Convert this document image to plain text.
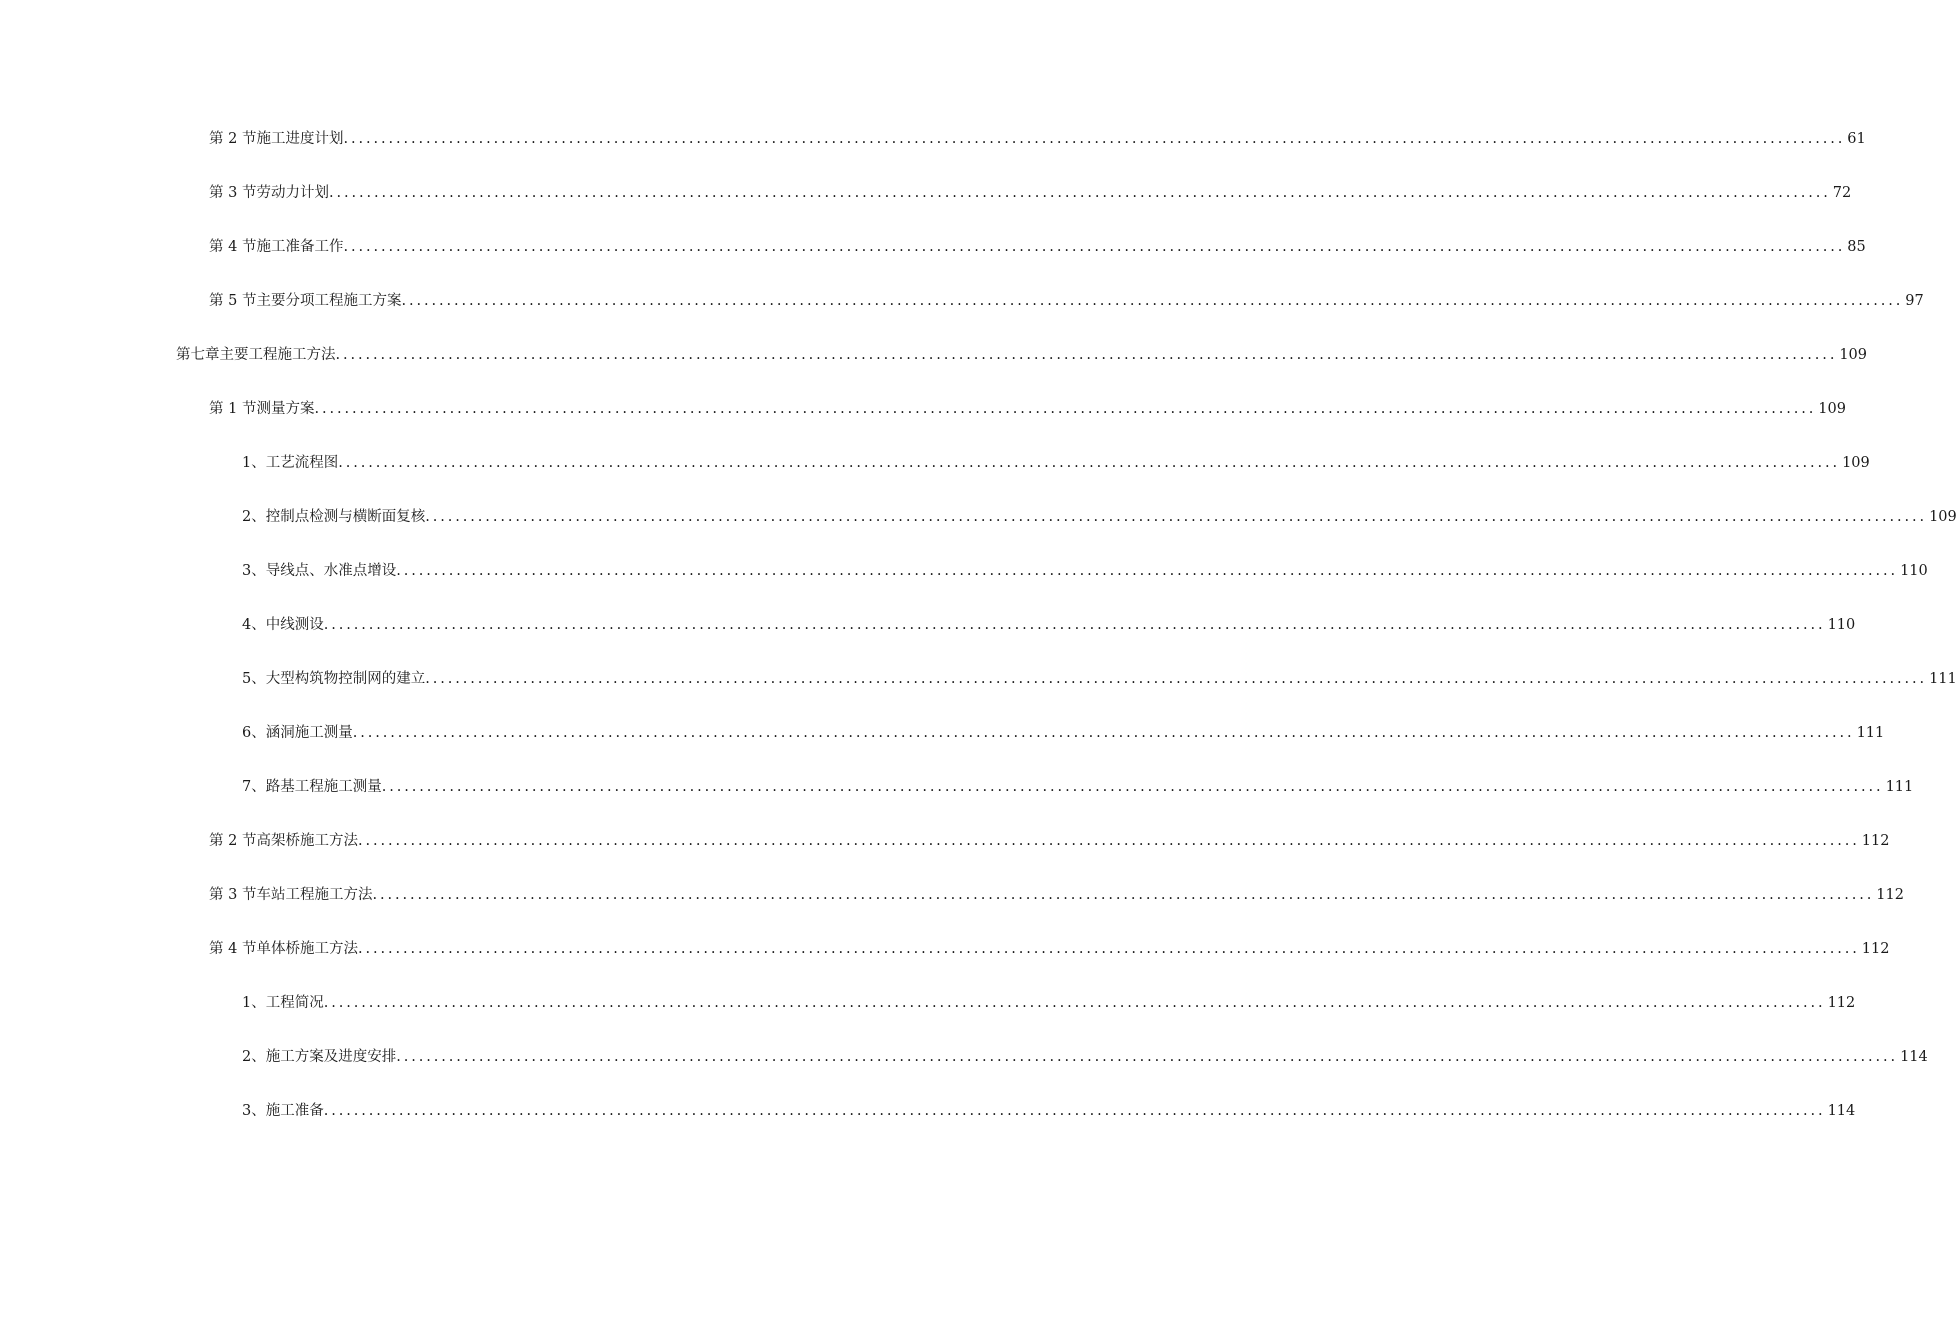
第 2 节 施工进度计划 ........................................................................................................................................................................................................ 61
第 3 节 劳动力计划 ........................................................................................................................................................................................................ 72
第 4 节 施工准备工作 ........................................................................................................................................................................................................ 85
第 5 节 主要分项工程施工方案 ........................................................................................................................................................................................................ 97
第七章 主要工程施工方法 ........................................................................................................................................................................................................ 109
第 1 节 测量方案 ........................................................................................................................................................................................................ 109
1、 工艺流程图 ........................................................................................................................................................................................................ 109
2、 控制点检测与横断面复核 ........................................................................................................................................................................................................ 109
3、 导线点、水准点增设 ........................................................................................................................................................................................................ 110
4、 中线测设 ........................................................................................................................................................................................................ 110
5、 大型构筑物控制网的建立 ........................................................................................................................................................................................................ 111
6、 涵洞施工测量 ........................................................................................................................................................................................................ 111
7、 路基工程施工测量 ........................................................................................................................................................................................................ 111
第 2 节 高架桥施工方法 ........................................................................................................................................................................................................ 112
第 3 节 车站工程施工方法 ........................................................................................................................................................................................................ 112
第 4 节 单体桥施工方法 ........................................................................................................................................................................................................ 112
1、 工程简况 ........................................................................................................................................................................................................ 112
2、 施工方案及进度安排 ........................................................................................................................................................................................................ 114
3、 施工准备 ........................................................................................................................................................................................................ 114
